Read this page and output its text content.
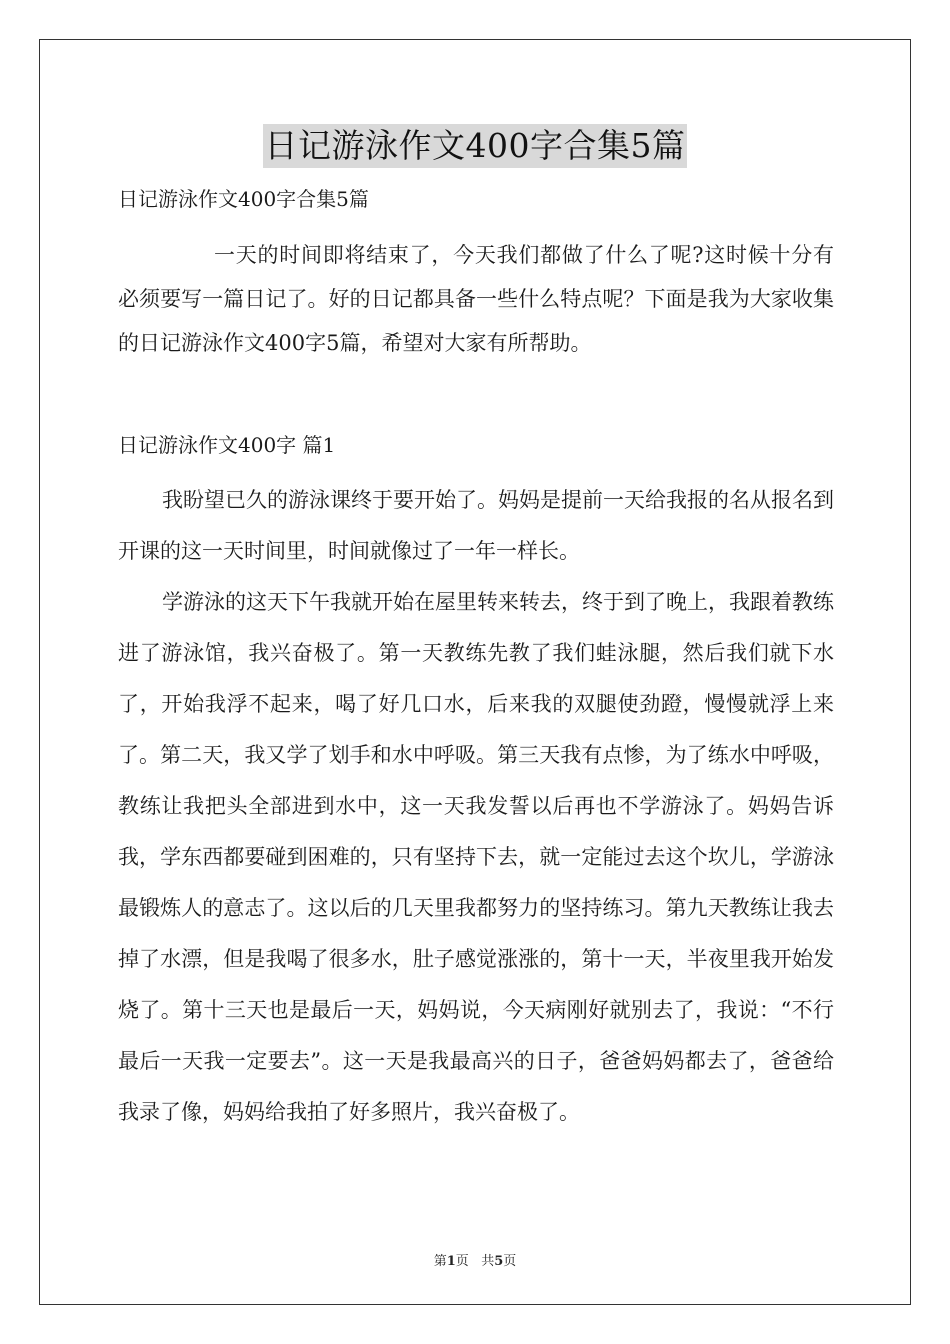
日记游泳作文400字合集5篇

日记游泳作文400字合集5篇

一天的时间即将结束了，今天我们都做了什么了呢?这时候十分有必须要写一篇日记了。好的日记都具备一些什么特点呢？下面是我为大家收集的日记游泳作文400字5篇，希望对大家有所帮助。

日记游泳作文400字 篇1

我盼望已久的游泳课终于要开始了。妈妈是提前一天给我报的名从报名到开课的这一天时间里，时间就像过了一年一样长。

学游泳的这天下午我就开始在屋里转来转去，终于到了晚上，我跟着教练进了游泳馆，我兴奋极了。第一天教练先教了我们蛙泳腿，然后我们就下水了，开始我浮不起来，喝了好几口水，后来我的双腿使劲蹬，慢慢就浮上来了。第二天，我又学了划手和水中呼吸。第三天我有点惨，为了练水中呼吸，教练让我把头全部进到水中，这一天我发誓以后再也不学游泳了。妈妈告诉我，学东西都要碰到困难的，只有坚持下去，就一定能过去这个坎儿，学游泳最锻炼人的意志了。这以后的几天里我都努力的坚持练习。第九天教练让我去掉了水漂，但是我喝了很多水，肚子感觉涨涨的，第十一天，半夜里我开始发烧了。第十三天也是最后一天，妈妈说，今天病刚好就别去了，我说：“不行最后一天我一定要去”。这一天是我最高兴的日子，爸爸妈妈都去了，爸爸给我录了像，妈妈给我拍了好多照片，我兴奋极了。

第1页 共5页
